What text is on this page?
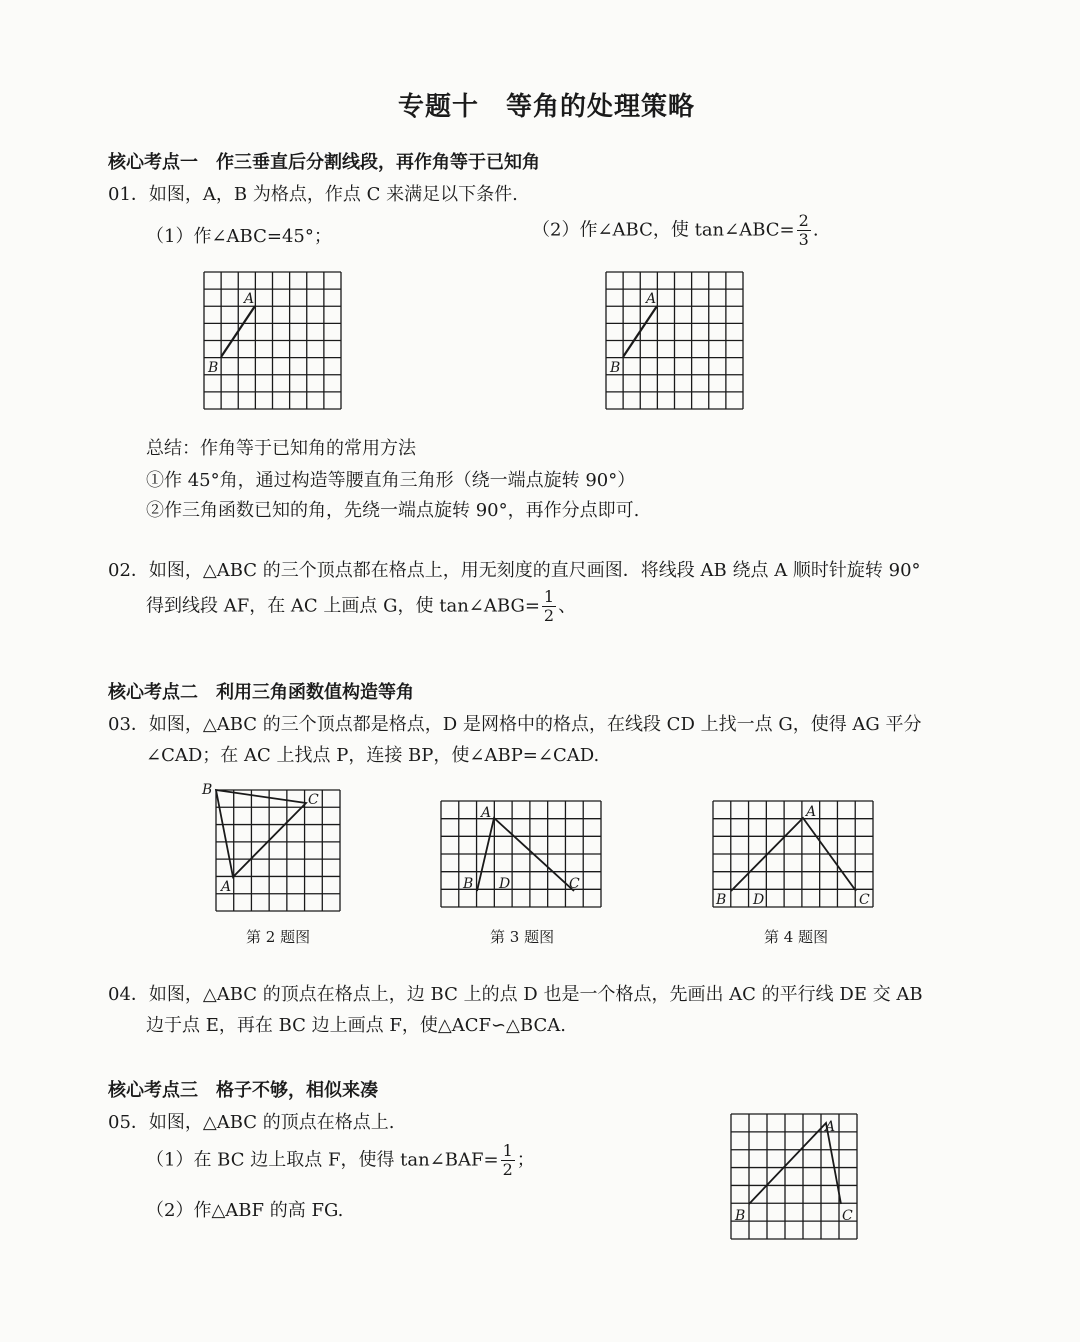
专题十　等角的处理策略
核心考点一　作三垂直后分割线段，再作角等于已知角
01．如图，A，B 为格点，作点 C 来满足以下条件.
（1）作∠ABC=45°；	（2）作∠ABC，使 tan∠ABC= $\frac{2}{3}$ .
A
B
A
B
总结：作角等于已知角的常用方法
①作 45°角，通过构造等腰直角三角形（绕一端点旋转 90°）
②作三角函数已知的角，先绕一端点旋转 90°，再作分点即可.
02．如图，△ABC 的三个顶点都在格点上，用无刻度的直尺画图．将线段 AB 绕点 A 顺时针旋转 90°
得到线段 AF，在 AC 上画点 G，使 tan∠ABG= $\frac{1}{2}$ 、
核心考点二　利用三角函数值构造等角
03．如图，△ABC 的三个顶点都是格点，D 是网格中的格点，在线段 CD 上找一点 G，使得 AG 平分
∠CAD；在 AC 上找点 P，连接 BP，使∠ABP=∠CAD.
B
C
A
第 2 题图
A
B D	C
第 3 题图
A
B D	C
第 4 题图
04．如图，△ABC 的顶点在格点上，边 BC 上的点 D 也是一个格点，先画出 AC 的平行线 DE 交 AB
边于点 E，再在 BC 边上画点 F，使△ACF∽△BCA.
核心考点三　格子不够，相似来凑
05．如图，△ABC 的顶点在格点上.
（1）在 BC 边上取点 F，使得 tan∠BAF= $\frac{1}{2}$ ；
（2）作△ABF 的高 FG.
A
B	C
